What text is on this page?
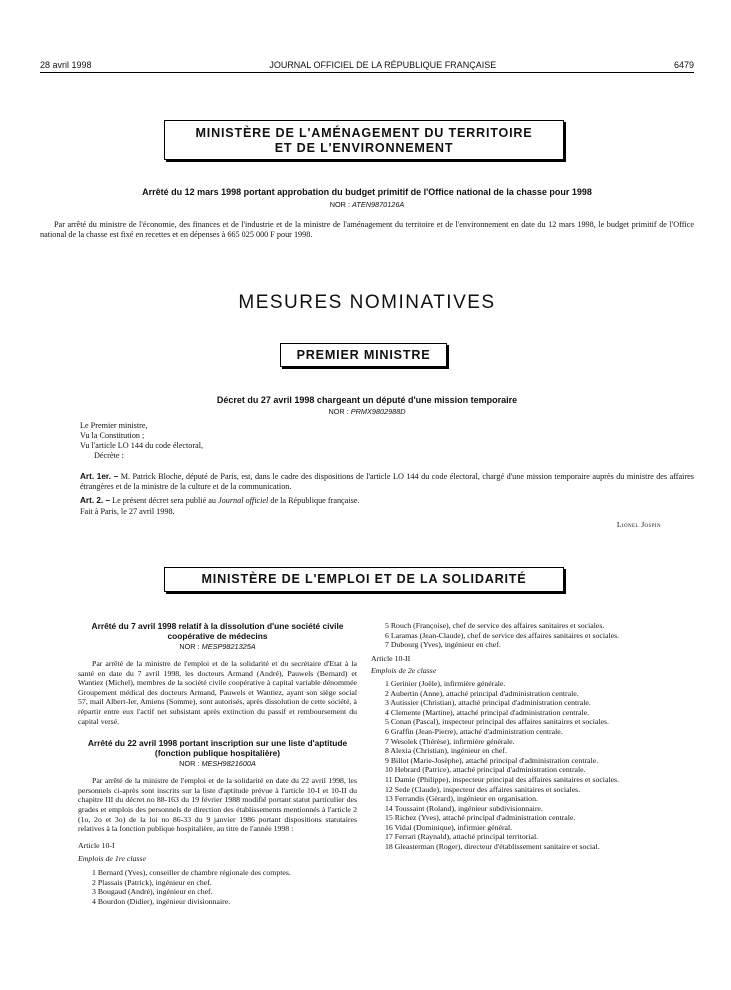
28 avril 1998	JOURNAL OFFICIEL DE LA RÉPUBLIQUE FRANÇAISE	6479
MINISTÈRE DE L'AMÉNAGEMENT DU TERRITOIRE
ET DE L'ENVIRONNEMENT
Arrêté du 12 mars 1998 portant approbation du budget primitif de l'Office national de la chasse pour 1998
NOR : ATEN9870126A
Par arrêté du ministre de l'économie, des finances et de l'industrie et de la ministre de l'aménagement du territoire et de l'environnement en date du 12 mars 1998, le budget primitif de l'Office national de la chasse est fixé en recettes et en dépenses à 665 025 000 F pour 1998.
MESURES NOMINATIVES
PREMIER MINISTRE
Décret du 27 avril 1998 chargeant un député d'une mission temporaire
NOR : PRMX9802988D
Le Premier ministre,
Vu la Constitution ;
Vu l'article LO 144 du code électoral,
Décrète :
Art. 1er. – M. Patrick Bloche, député de Paris, est, dans le cadre des dispositions de l'article LO 144 du code électoral, chargé d'une mission temporaire auprès du ministre des affaires étrangères et de la ministre de la culture et de la communication.
Art. 2. – Le présent décret sera publié au Journal officiel de la République française.
Fait à Paris, le 27 avril 1998.
Lionel Jospin
MINISTÈRE DE L'EMPLOI ET DE LA SOLIDARITÉ
Arrêté du 7 avril 1998 relatif à la dissolution d'une société civile coopérative de médecins
NOR : MESP9821325A

Par arrêté de la ministre de l'emploi et de la solidarité et du secrétaire d'Etat à la santé en date du 7 avril 1998, les docteurs Armand (André), Pauwels (Bernard) et Wantiez (Michel), membres de la société civile coopérative à capital variable dénommée Groupement médical des docteurs Armand, Pauwels et Wantiez, ayant son siège social 57, mail Albert-Ier, Amiens (Somme), sont autorisés, après dissolution de cette société, à répartir entre eux l'actif net subsistant après extinction du passif et remboursement du capital versé.

Arrêté du 22 avril 1998 portant inscription sur une liste d'aptitude (fonction publique hospitalière)
NOR : MESH9821600A

Par arrêté de la ministre de l'emploi et de la solidarité en date du 22 avril 1998, les personnels ci-après sont inscrits sur la liste d'aptitude prévue à l'article 10-I et 10-II du chapitre III du décret no 88-163 du 19 février 1988 modifié portant statut particulier des grades et emplois des personnels de direction des établissements mentionnés à l'article 2 (1o, 2o et 3o) de la loi no 86-33 du 9 janvier 1986 portant dispositions statutaires relatives à la fonction publique hospitalière, au titre de l'année 1998 :

Article 10-I

Emplois de 1re classe

1 Bernard (Yves), conseiller de chambre régionale des comptes.

2 Plassais (Patrick), ingénieur en chef.

3 Bougaud (André), ingénieur en chef.

4 Bourdon (Didier), ingénieur divisionnaire.

5 Rouch (Françoise), chef de service des affaires sanitaires et sociales.

6 Laramas (Jean-Claude), chef de service des affaires sanitaires et sociales.

7 Dubourg (Yves), ingénieur en chef.

Article 10-II

Emplois de 2e classe

1 Gerinier (Joële), infirmière générale.

2 Aubertin (Anne), attaché principal d'administration centrale.

3 Autissier (Christian), attaché principal d'administration centrale.

4 Clemente (Martine), attaché principal d'administration centrale.

5 Conan (Pascal), inspecteur principal des affaires sanitaires et sociales.

6 Graffin (Jean-Pierre), attaché d'administration centrale.

7 Wesolek (Thérèse), infirmière générale.

8 Alexia (Christian), ingénieur en chef.

9 Billot (Marie-Josèphe), attaché principal d'administration centrale.

10 Hebrard (Patrice), attaché principal d'administration centrale.

11 Damie (Philippe), inspecteur principal des affaires sanitaires et sociales.

12 Sede (Claude), inspecteur des affaires sanitaires et sociales.

13 Ferrandis (Gérard), ingénieur en organisation.

14 Toussaint (Roland), ingénieur subdivisionnaire.

15 Richez (Yves), attaché principal d'administration centrale.

16 Vidal (Dominique), infirmier général.

17 Ferrari (Raynald), attaché principal territorial.

18 Gleasterman (Roger), directeur d'établissement sanitaire et social.
